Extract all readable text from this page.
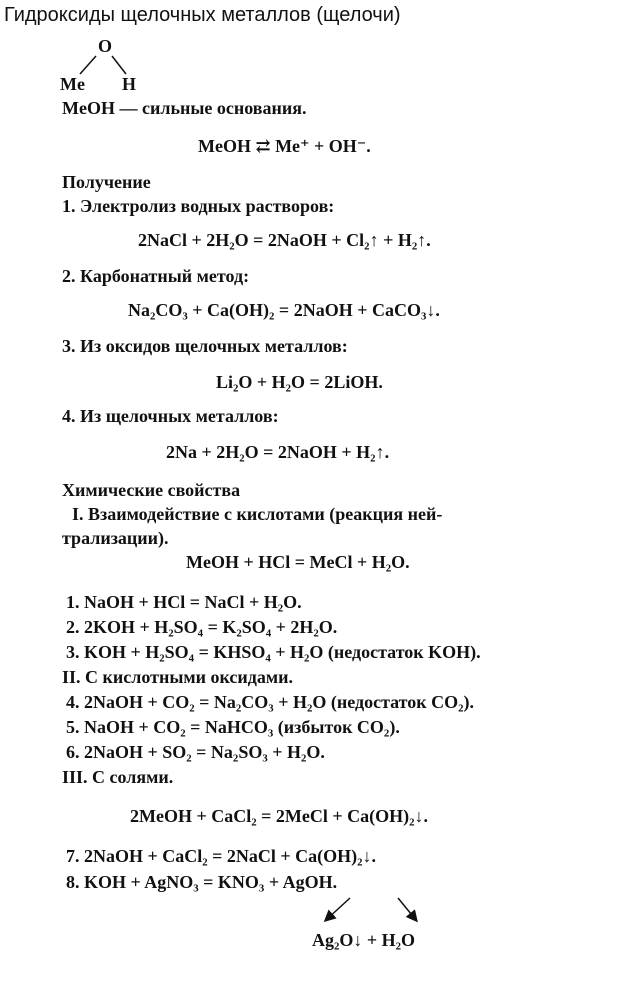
Гидроксиды щелочных металлов (щелочи)
O
Me H
MeOH — сильные основания.
MeOH ⇄ Me⁺ + OH⁻.
Получение
1. Электролиз водных растворов:
2NaCl + 2H₂O = 2NaOH + Cl₂↑ + H₂↑.
2. Карбонатный метод:
Na₂CO₃ + Ca(OH)₂ = 2NaOH + CaCO₃↓.
3. Из оксидов щелочных металлов:
Li₂O + H₂O = 2LiOH.
4. Из щелочных металлов:
2Na + 2H₂O = 2NaOH + H₂↑.
Химические свойства
I. Взаимодействие с кислотами (реакция ней-
трализации).
MeOH + HCl = MeCl + H₂O.
1. NaOH + HCl = NaCl + H₂O.
2. 2KOH + H₂SO₄ = K₂SO₄ + 2H₂O.
3. KOH + H₂SO₄ = KHSO₄ + H₂O (недостаток KOH).
II. С кислотными оксидами.
4. 2NaOH + CO₂ = Na₂CO₃ + H₂O (недостаток CO₂).
5. NaOH + CO₂ = NaHCO₃ (избыток CO₂).
6. 2NaOH + SO₂ = Na₂SO₃ + H₂O.
III. С солями.
2MeOH + CaCl₂ = 2MeCl + Ca(OH)₂↓.
7. 2NaOH + CaCl₂ = 2NaCl + Ca(OH)₂↓.
8. KOH + AgNO₃ = KNO₃ + AgOH.
Ag₂O↓ + H₂O
